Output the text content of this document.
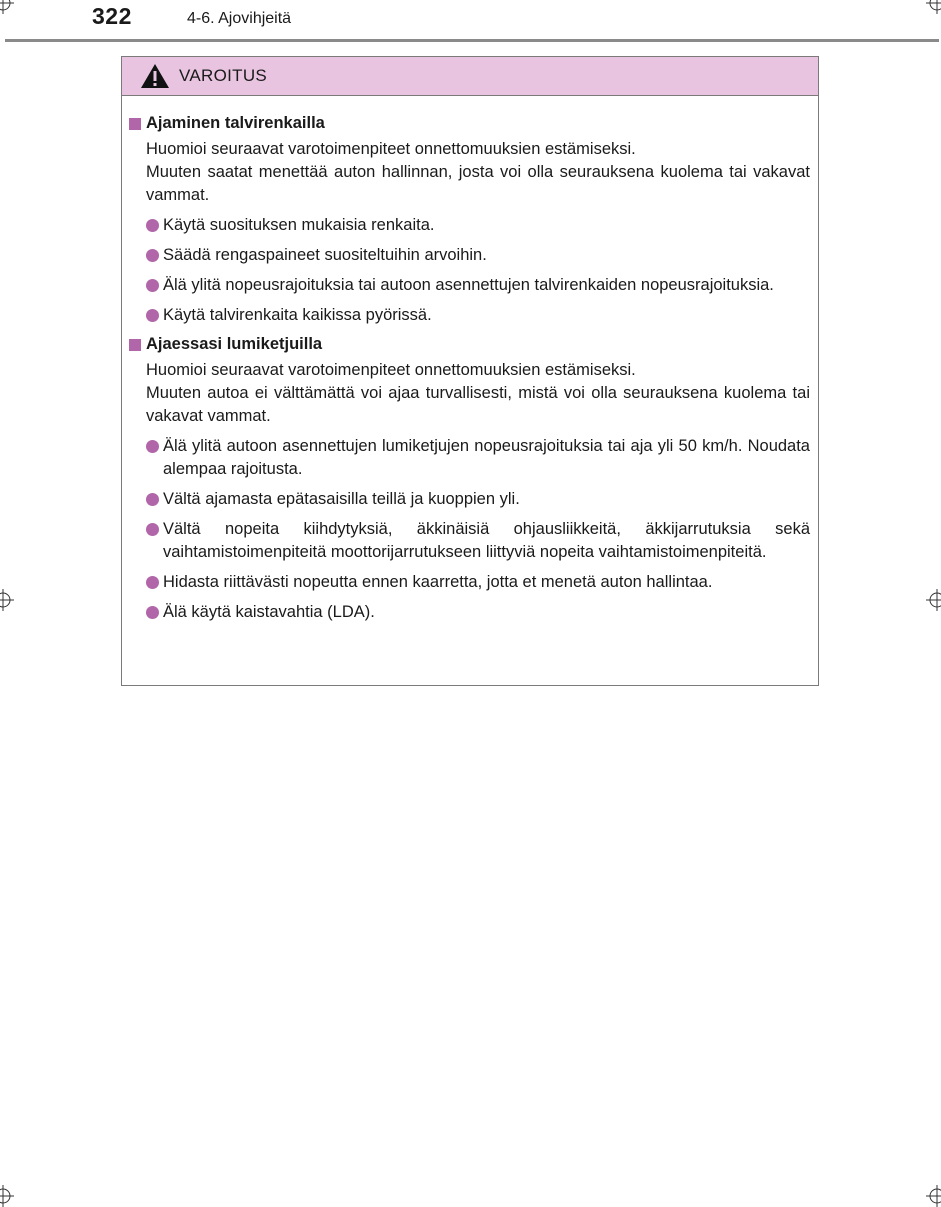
322	4-6. Ajovihjeitä
VAROITUS
Ajaminen talvirenkailla
Huomioi seuraavat varotoimenpiteet onnettomuuksien estämiseksi.
Muuten saatat menettää auton hallinnan, josta voi olla seurauksena kuolema tai vakavat vammat.
Käytä suosituksen mukaisia renkaita.
Säädä rengaspaineet suositeltuihin arvoihin.
Älä ylitä nopeusrajoituksia tai autoon asennettujen talvirenkaiden nopeusrajoituksia.
Käytä talvirenkaita kaikissa pyörissä.
Ajaessasi lumiketjuilla
Huomioi seuraavat varotoimenpiteet onnettomuuksien estämiseksi.
Muuten autoa ei välttämättä voi ajaa turvallisesti, mistä voi olla seurauksena kuolema tai vakavat vammat.
Älä ylitä autoon asennettujen lumiketjujen nopeusrajoituksia tai aja yli 50 km/h. Noudata alempaa rajoitusta.
Vältä ajamasta epätasaisilla teillä ja kuoppien yli.
Vältä nopeita kiihdytyksiä, äkkinäisiä ohjausliikkeitä, äkkijarrutuksia sekä vaihtamistoimenpiteitä moottorijarrutukseen liittyviä nopeita vaihtamistoimenpiteitä.
Hidasta riittävästi nopeutta ennen kaarretta, jotta et menetä auton hallintaa.
Älä käytä kaistavahtia (LDA).
